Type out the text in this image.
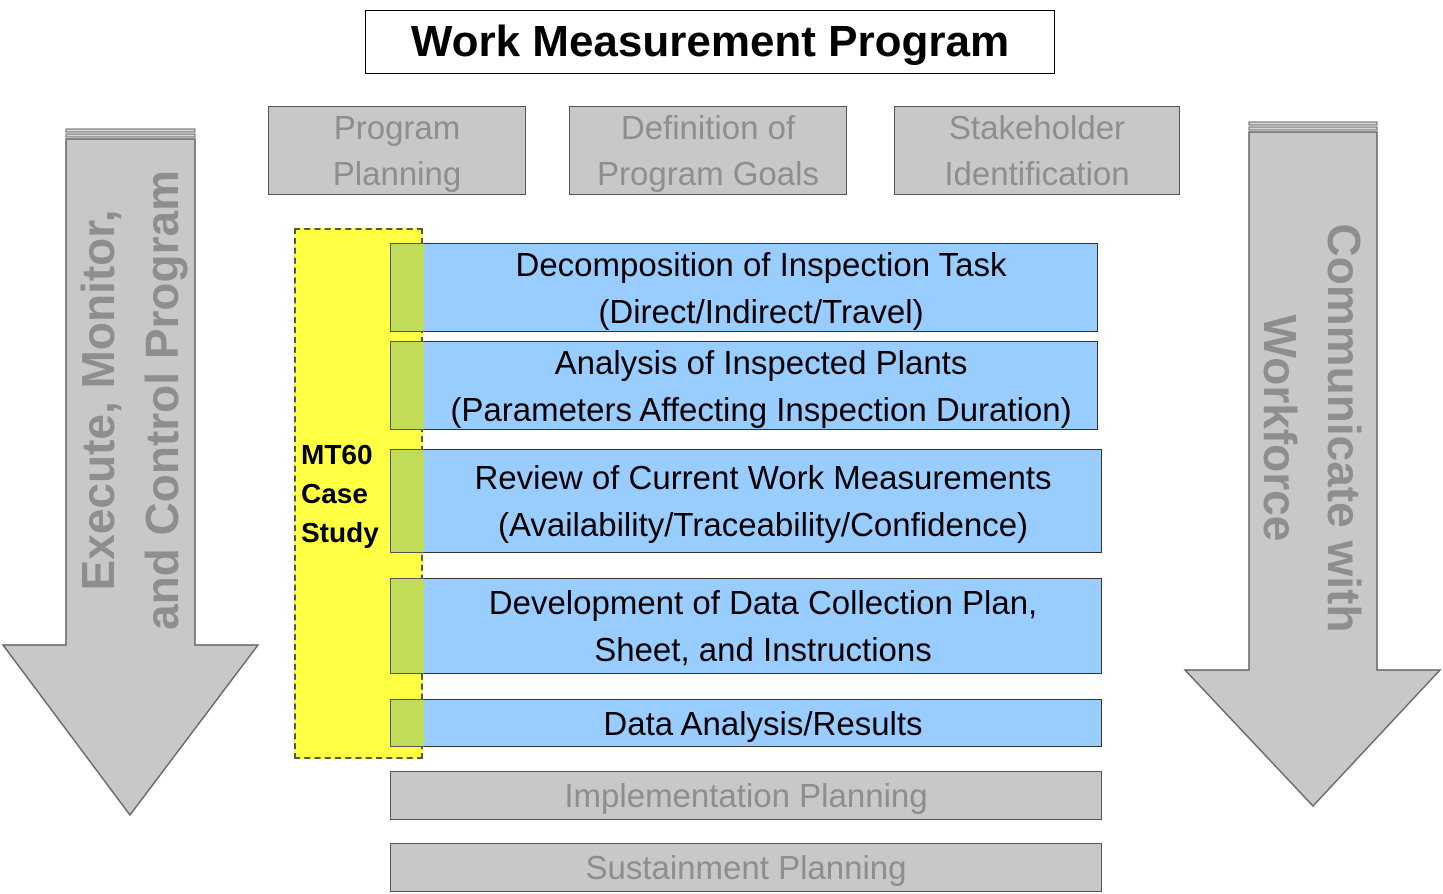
Work Measurement Program
Execute, Monitor, and Control Program	Communicate with
Workforce
Program
Planning
Definition of
Program Goals
Stakeholder
Identification
Decomposition of Inspection Task
(Direct/Indirect/Travel)
Analysis of Inspected Plants
(Parameters Affecting Inspection Duration)
Review of Current Work Measurements
(Availability/Traceability/Confidence)
Development of Data Collection Plan,
Sheet, and Instructions
Data Analysis/Results
MT60
Case
Study
Implementation Planning
Sustainment Planning
